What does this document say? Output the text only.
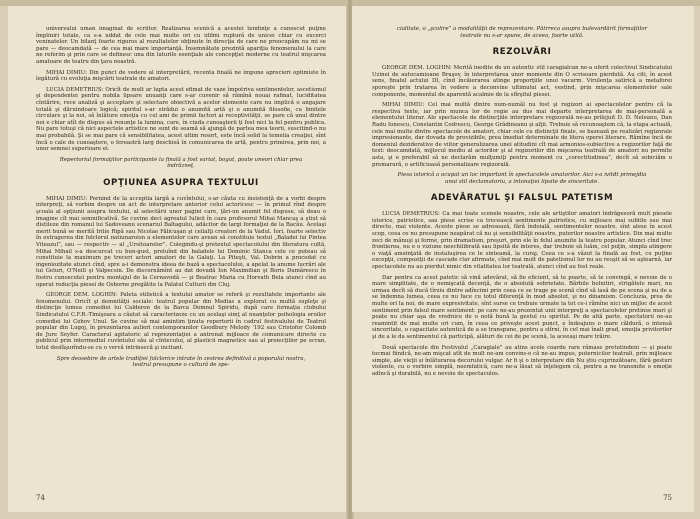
universului uman imaginat de scriitor. Realizarea scenică a acestei tendinţe a cunoscut puţine împliniri totale, ca s-a uddat de cele mai multe ori cu idilmi ruptură de unicei chiar cu excerci veninatelor. Un bilanţ foarte riguros al rezultatelor obţinute în direcţia de care ne preocupăm nu mi se pare — deocamdată — de cea mai mare importanţă. Însemnătate prezintă apariţia fenomenului la care ne referim şi prin care se definesc una din laturile esenţiale ale concepţiei moderne cu teatrul mişcarea amatoare de teatru din ţara noastră.

MIHAI DIMIU: Din punct de vedere al interpretării, recenta finală ne impune aprecieri optimiste în legătură cu evoluţia mişcării teatrale de amatori.

LUCIA DEMETRIUS: Oricît de mult ar lupta acest efimat de vaze împotriva sentimentelor, ascetismul şi dependentei pentru nobila lipsare unuanţi care s-ar cuvenir să rămînă nouai rafinat, luciditatea cîntărire, rece analiză şi acceptare şi selectare obiectivă a acelor elemente care nu implică o angajare totală şi dăruindoare logică; spiritul s-ar strădui o anumită artă şi o anumită filosofie, cu limitele circulare şi la noi, să înlăture emoţia cu cel ami de primii factori ai receptivităţii, se pare că unul dintre noi e chiar atît de dispus să renunţe la lumina, care, în ciuda cunoaşterii ţi fost nici la fel pentru publica. Nu pare totuşi că nici aspectele artistice ne sunt de seamă să ajungă de partea mea teorii, suscitind-o nu mai probabilă. Şi se mai pare că sensibilitatea, acest ultim resort, este încă solid la temelia creaţiei, sînt încă o cale de cunoaştere, o fereastră larg deschisă în comunicarea de artă, pentru primirea, prin noi, a unor semnei superioare ei.

Repertoriul formaţiilor participante la finală a fost variat, bogat, poate uneori chiar prea îndrăzneţ.

OPŢIUNEA ASUPRA TEXTULUI

MIHAI DIMIU: Pornind de la acceptia largă a cuvîntului, s-ar căuta cu insistenţă de a vorbi despre interpreţi, să vorbim despre un act de interpretare anterior celui actoricesc — în primul rînd despre şcoala al opţiunii asupra textului, al selectării unor pagini care, ţări-un anumit fel dispuse, să deau o imagine cît mai semnificativă. Se cuvine deci agreatul Iulieii în cazu profesorul Mihai Mancaş a ştiut să distileze din romanul lui Sadoveanu scenariul Baltagului, adăcitor de largi formaţiei de la Bacău. Acelaşi merit bună se merită Irilie Ripă sau Nicolae Fălicuşan şi ceilalţi creatori de la Vadul. Iori, foarte selectiv în extragerea din folclorul natiunaroisn a elementelor care avean să constituie textul „Baladei lui Pintea Viteazul”, sau — respectiv — al „Ursitoarelor”. Colegindu-şi pretextul spectacolului din literatura cultă, Mihai Mihail s-a descurcat cu bun-gust, preluînd din baladele lui Dominic Stanca cele ce puteau să constituie la maximum pe treceri actori amatori de la Galaţi. La Piteşti, Val. Dobrin a procedat cu ingeniozitate atunci cînd, spre a-i demonstra ideea de bază a spectacolului, a apelat la anume lucrări ale lui Geluri, O'Neill şi Valpecsin. De discernămînt au dat dovadă Ion Maximilian şi Boris Dumărescu în fostru cunoscutei pentru montajul de la Cernavodă — şi Beatrac Maria cu Horvath Bela atunci cînd au operat reducţia piesei de Osborne pregătite la Palatul Culturii din Cluj.

GEORGE DEM. LOGHIN: Paleta stilistică a textului amator se referă şi rezultatele importante ale fenomenului. Oricît şi demnităţii sociale: teatrul popular din Medias a explorat cu multă supleţe şi distincţie lumea comediei lui Calderon de la Barca Domnul Spiridu, după care formaţia clubului Sindicatului C.F.R.-Timişoara a căutat să caracterizeze cu un acelaşi simţ al nuanţelor psihologia eroilor comediei lui Cehov Unul. Se cuvine să mai amintim ţinuta repertorii în cadrul festivalului de Teatrul popular din Lugoj, în prezentarea aulieri contemporanilor Goodbury Melody '192 sau Cristofor Colomb de Jure Seyfer. Caracterul agitatoric al reprezentaţiei a antrenat mijloace de comunicare directe cu publicul prin intermediul cuvîntului său al cîntecului, al plasticii magnetice sau al proiecţiilor pe ecran, totul desfăşurîndu-se cu o vervă intrinsecă şi incitant.

Spre deosebire de artele tradiţiei folclorice intrate în zestrea definitivă a poporului nostru, teatrul presupune o cultură de spe-

74

cialitate, o „şcolire” a modalităţii de reprezentare. Pătrreca asupra bulevardărit formaţiilor teatrale nu s-ar spune, de aceea, foarte utilă.

REZOLVĂRI

GEORGE DEM. LOGHIN: Merită inedite de un autentic stil caragialcan ne-a oferit colectivul Sindicatului Uzinei de autocamioane Braşov, în interpretarea unor momente din O scrisoare pierdută. Au citi, în acest sens, finalul actului III, cînd încăierarea atinge proporţiile unui vacarm. Virulenţa satirică a metaforei sporeşte prin tratarea în vedere a deconvine ultimului act, vestind, prin mişcarea elementelor sale componente, momentul de aparentă acalmie de la sfîrşitul piesei.

MIHAI DIMIU: Cel mai multă dintre num-număl nu fost şi regizori ai spectacolelor pentru că la respectiva texte, iar prin munca lor de regie au dus mai departe interpretarea de mai-personală a elementului literar. Ale spectacole de distincţiile interpretare regizorală ne-au prilejuit D. D. Neleanu, Dan Radu Ionescu, Constantin Codrescu, George Grădineanu şi alţii. Trebuie să recunoaştem că, la etapa actuală, cele mai multe dintre spectacole de amatori, chiar cele cu distincţii finale, se bazează pe realizări regizorale impresionante, dar dovada de provizibile, prea îmediat determinate de litera operei literare. Rămîne încă de domeniul deziderative de viitor generalizarea unei atitudini cît mai armonios-subiective a regizorilor faţă de text: deocamdată, mijlocul mediu al actorilor şi al regizorilor din mişcarea teatrală de amatori nu permite asta, şi e preferabil să ne declarăm mulţumiţi pentru moment cu „corectitudinea”, decît să sobiciăm o premarură, o artificioasă personalizare regizorală.

Piesa istorică a ocupat un loc important în spectacolele amatorilor. Aici s-a ivitdt primejdia unui stil declamatoriu, a intonaţiei lipsite de sinceritate.

ADEVĂRATUL ŞI FALSUL PATETISM

LUCIA DEMETRIUS: Ca mai toate scenele noastre, cele ale artiştilor amatori îndrăgesoră mult piesele istorice, patriotice, sau piese scrise ca trecească sentimente patriotice, cu mijloace mai subtile sau mai directe, mai violente. Aceste piese se adresează, fără îndoială, sentimentelor noastre, sînt alese în acest scop, ceea ce nu presupune neapărat că nu şi sensibilităţii noastre, puterilor noastre artistice. Din mai multe zeci de mănuşi şi forme, prin dramatism, preşuri, prin ele în felul anumite la teatru popular. Atunci cînd trec frontierea, nu e o viziune neechilibrată sau lipsită de interes, dar trebuie să luăm, cel puţin, simpla atingere o viaţă ameinţată de instaluşirea ce le sinteamă, la curaj. Ceea ce s-a văzut la finală au fost, cu puţine excepţii, compoziţii de cascade clar afirmate, cînd mai mult de patetismul lor nu au reuşit să se aştearnă, iar spectacolele nu au pierdut nimic din vitalitatea lor teatrală, atunci cînd au fost reale.

Dar pentru ca acest patetic să vină adevărat, să fie eficient, să te poarte, să te convingă, e nevoie de o mare simplitate, de o nemişcată decenţă, de o absolută sobrietate. Bărbile bolnitiri, strigătele mari, nu urmau decît să ducă tîrziu dintre adîncimi prin ceea ce se trage pe scenă cînd să iasă de pe scena şi nu de a se îndemna lumea, ceea ce nu face cu totul diferenţă în mod absolut, şi nu dinamism. Concluzia, prea de multe ori la noi, de mare expresivitate, sînt surse ce trebuie urmate la tot ce-i rămîne nici un mijloc de acest sentiment prin falsul mare sentiment: pe care ne-au prezentat unii interpreţi a spectacolelor pretinse mari şi poate nu chiar aşa de vrednice de o notă bună la gestul cu spiritul. Pe de altă parte, spectatorii ne-au reamintit de mai multe ori cum, în ceea ce priveşte acest punct, e îndeajuns o mare căldură, o intensă sinceritate, o capacitate autentică de a se transpune, pentru a stîrni, în cel mai înalt grad, emoţia privitorilor şi de a le da sentimentul că participă, alături de cei de pe scenă, la aceeaşi mare trăire.

Două spectacole din Festivalul „Caragiale” au atins acele coarde rare rămase pretutindeni — şi poate tocmai fiindcă, ne-am mişcat atît de mult ne-am convins-o că ne-au impus, puternicilor teatrali, prin mijloace simple, ale vieţii și înlăturarea decorului vulgar. Ar fi şi o interpretare din Nu știu cuprinzătoare, fără gesturi violente, cu o vorbire simplă, neemfatică, care ne-a lăsat să înţelegem că, pentru a ne transmite o emoție adîncă şi durabilă, nu e nevoie de spectaculos.

75
